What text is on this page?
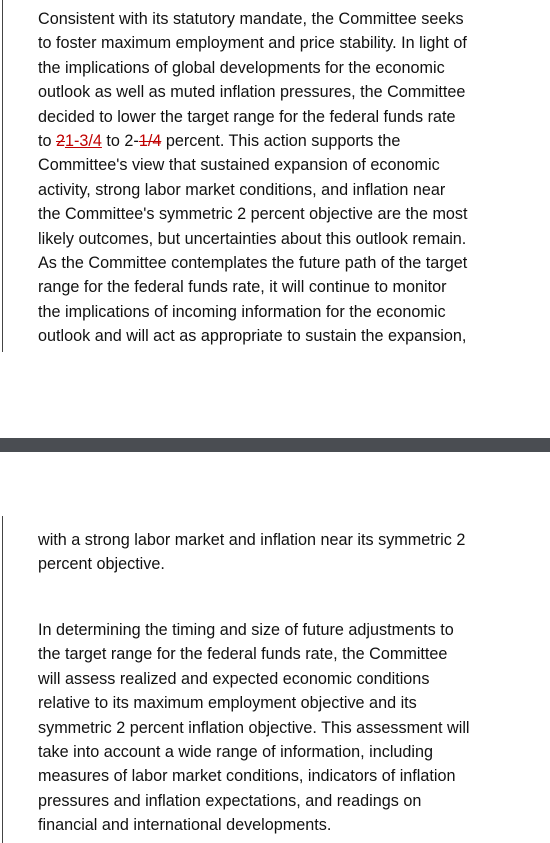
Consistent with its statutory mandate, the Committee seeks
to foster maximum employment and price stability. In light of
the implications of global developments for the economic
outlook as well as muted inflation pressures, the Committee
decided to lower the target range for the federal funds rate
to 21-3/4 to 2-1/4 percent. This action supports the
Committee's view that sustained expansion of economic
activity, strong labor market conditions, and inflation near
the Committee's symmetric 2 percent objective are the most
likely outcomes, but uncertainties about this outlook remain.
As the Committee contemplates the future path of the target
range for the federal funds rate, it will continue to monitor
the implications of incoming information for the economic
outlook and will act as appropriate to sustain the expansion,
with a strong labor market and inflation near its symmetric 2
percent objective.
In determining the timing and size of future adjustments to
the target range for the federal funds rate, the Committee
will assess realized and expected economic conditions
relative to its maximum employment objective and its
symmetric 2 percent inflation objective. This assessment will
take into account a wide range of information, including
measures of labor market conditions, indicators of inflation
pressures and inflation expectations, and readings on
financial and international developments.
